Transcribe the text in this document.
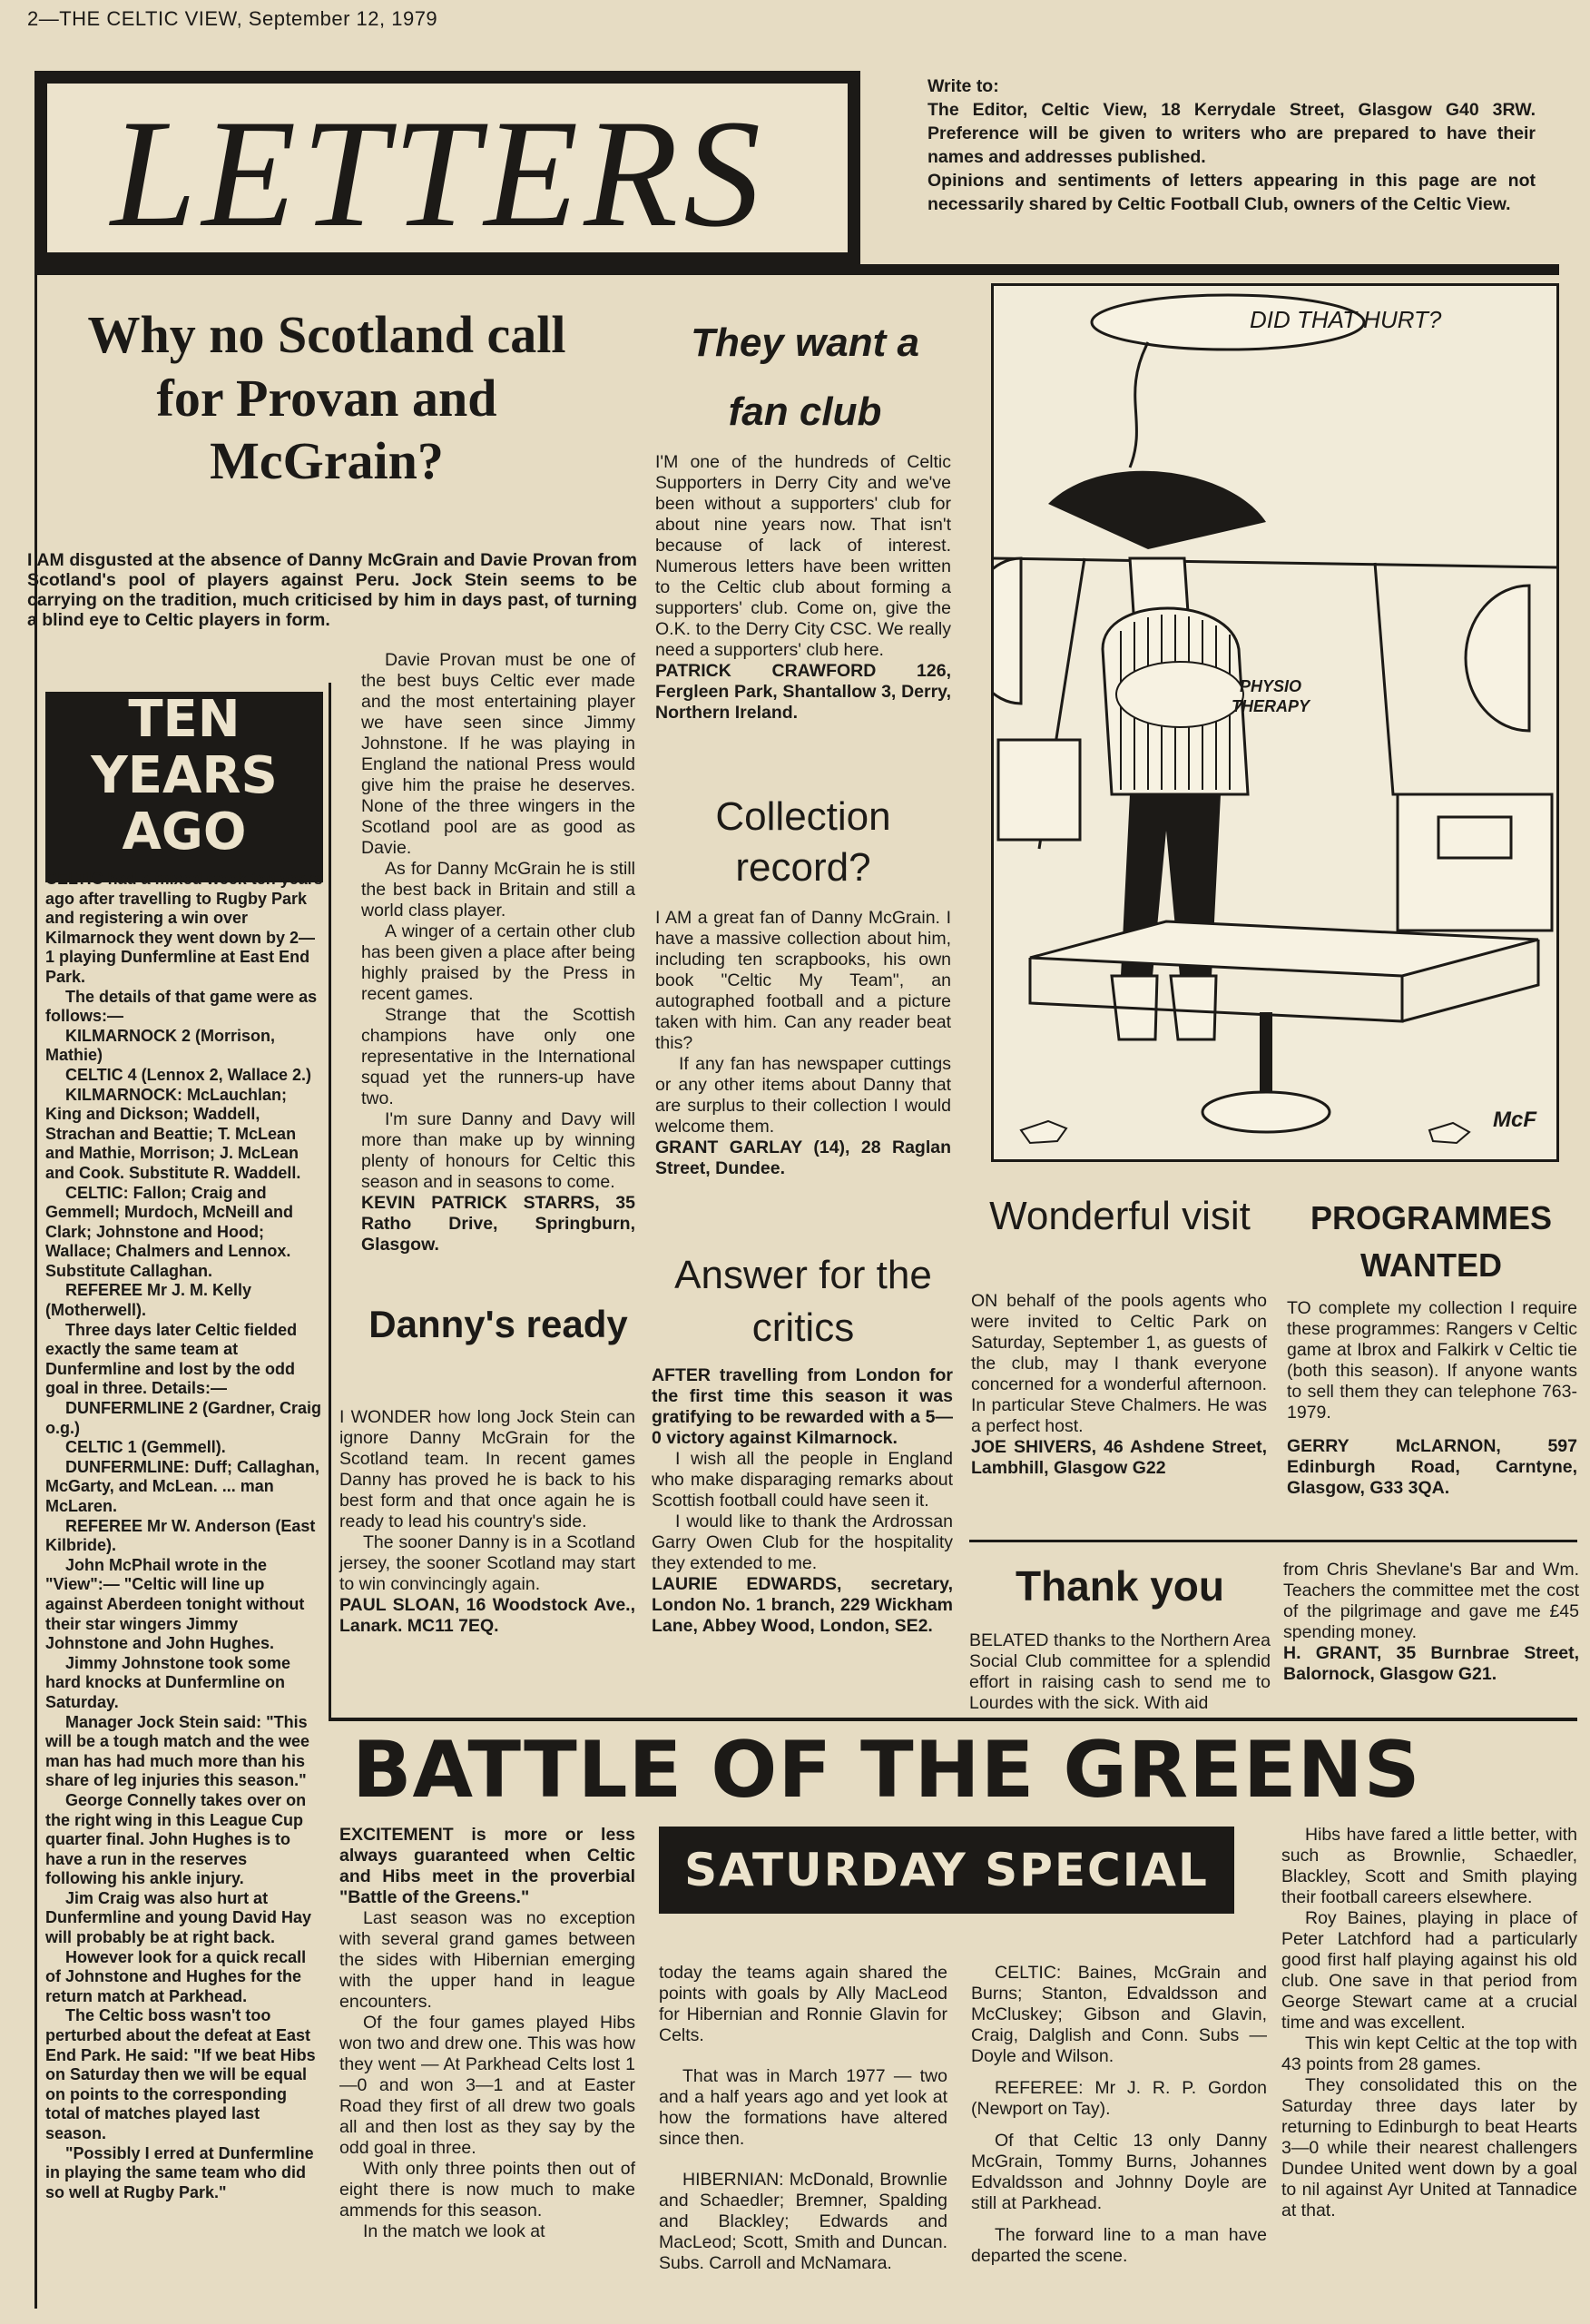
2—THE CELTIC VIEW, September 12, 1979
LETTERS

Write to:

The Editor, Celtic View, 18 Kerrydale Street, Glasgow G40 3RW. Preference will be given to writers who are prepared to have their names and addresses published.

Opinions and sentiments of letters appearing in this page are not necessarily shared by Celtic Football Club, owners of the Celtic View.

Why no Scotland call for Provan and McGrain?
I AM disgusted at the absence of Danny McGrain and Davie Provan from Scotland's pool of players against Peru. Jock Stein seems to be carrying on the tradition, much criticised by him in days past, of turning a blind eye to Celtic players in form.
TEN
YEARS
AGO

CELTIC had a mixed week ten years ago after travelling to Rugby Park and registering a win over Kilmarnock they went down by 2—1 playing Dunfermline at East End Park.

The details of that game were as follows:—

KILMARNOCK 2 (Morrison, Mathie)

CELTIC 4 (Lennox 2, Wallace 2.)

KILMARNOCK: McLauchlan; King and Dickson; Waddell, Strachan and Beattie; T. McLean and Mathie, Morrison; J. McLean and Cook. Substitute R. Waddell.

CELTIC: Fallon; Craig and Gemmell; Murdoch, McNeill and Clark; Johnstone and Hood; Wallace; Chalmers and Lennox. Substitute Callaghan.

REFEREE Mr J. M. Kelly (Motherwell).

Three days later Celtic fielded exactly the same team at Dunfermline and lost by the odd goal in three. Details:—

DUNFERMLINE 2 (Gardner, Craig o.g.)

CELTIC 1 (Gemmell).

DUNFERMLINE: Duff; Callaghan, McGarty, and McLean. ... man McLaren.

REFEREE Mr W. Anderson (East Kilbride).

John McPhail wrote in the "View":— "Celtic will line up against Aberdeen tonight without their star wingers Jimmy Johnstone and John Hughes.

Jimmy Johnstone took some hard knocks at Dunfermline on Saturday.

Manager Jock Stein said: "This will be a tough match and the wee man has had much more than his share of leg injuries this season."

George Connelly takes over on the right wing in this League Cup quarter final. John Hughes is to have a run in the reserves following his ankle injury.

Jim Craig was also hurt at Dunfermline and young David Hay will probably be at right back.

However look for a quick recall of Johnstone and Hughes for the return match at Parkhead.

The Celtic boss wasn't too perturbed about the defeat at East End Park. He said: "If we beat Hibs on Saturday then we will be equal on points to the corresponding total of matches played last season.

"Possibly I erred at Dunfermline in playing the same team who did so well at Rugby Park."

Davie Provan must be one of the best buys Celtic ever made and the most entertaining player we have seen since Jimmy Johnstone. If he was playing in England the national Press would give him the praise he deserves. None of the three wingers in the Scotland pool are as good as Davie.

As for Danny McGrain he is still the best back in Britain and still a world class player.

A winger of a certain other club has been given a place after being highly praised by the Press in recent games.

Strange that the Scottish champions have only one representative in the International squad yet the runners-up have two.

I'm sure Danny and Davy will more than make up by winning plenty of honours for Celtic this season and in seasons to come.

KEVIN PATRICK STARRS, 35 Ratho Drive, Springburn, Glasgow.

Danny's ready

I WONDER how long Jock Stein can ignore Danny McGrain for the Scotland team. In recent games Danny has proved he is back to his best form and that once again he is ready to lead his country's side.

The sooner Danny is in a Scotland jersey, the sooner Scotland may start to win convincingly again.

PAUL SLOAN, 16 Woodstock Ave., Lanark. MC11 7EQ.

They want a fan club

I'M one of the hundreds of Celtic Supporters in Derry City and we've been without a supporters' club for about nine years now. That isn't because of lack of interest. Numerous letters have been written to the Celtic club about forming a supporters' club. Come on, give the O.K. to the Derry City CSC. We really need a supporters' club here.

PATRICK CRAWFORD 126, Fergleen Park, Shantallow 3, Derry, Northern Ireland.

Collection record?

I AM a great fan of Danny McGrain. I have a massive collection about him, including ten scrapbooks, his own book "Celtic My Team", an autographed football and a picture taken with him. Can any reader beat this?

If any fan has newspaper cuttings or any other items about Danny that are surplus to their collection I would welcome them.

GRANT GARLAY (14), 28 Raglan Street, Dundee.

Answer for the critics

AFTER travelling from London for the first time this season it was gratifying to be rewarded with a 5—0 victory against Kilmarnock.

I wish all the people in England who make disparaging remarks about Scottish football could have seen it.

I would like to thank the Ardrossan Garry Owen Club for the hospitality they extended to me.

LAURIE EDWARDS, secretary, London No. 1 branch, 229 Wickham Lane, Abbey Wood, London, SE2.

DID THAT HURT?
PHYSIO THERAPY
McF
Wonderful visit

ON behalf of the pools agents who were invited to Celtic Park on Saturday, September 1, as guests of the club, may I thank everyone concerned for a wonderful afternoon. In particular Steve Chalmers. He was a perfect host.

JOE SHIVERS, 46 Ashdene Street, Lambhill, Glasgow G22

PROGRAMMES WANTED

TO complete my collection I require these programmes: Rangers v Celtic game at Ibrox and Falkirk v Celtic tie (both this season). If anyone wants to sell them they can telephone 763-1979.

GERRY McLARNON, 597 Edinburgh Road, Carntyne, Glasgow, G33 3QA.

Thank you

BELATED thanks to the Northern Area Social Club committee for a splendid effort in raising cash to send me to Lourdes with the sick. With aid

from Chris Shevlane's Bar and Wm. Teachers the committee met the cost of the pilgrimage and gave me £45 spending money.

H. GRANT, 35 Burnbrae Street, Balornock, Glasgow G21.

BATTLE OF THE GREENS
SATURDAY SPECIAL

EXCITEMENT is more or less always guaranteed when Celtic and Hibs meet in the proverbial "Battle of the Greens."

Last season was no exception with several grand games between the sides with Hibernian emerging with the upper hand in league encounters.

Of the four games played Hibs won two and drew one. This was how they went — At Parkhead Celts lost 1—0 and won 3—1 and at Easter Road they first of all drew two goals all and then lost as they say by the odd goal in three.

With only three points then out of eight there is now much to make ammends for this season.

In the match we look at

today the teams again shared the points with goals by Ally MacLeod for Hibernian and Ronnie Glavin for Celts.

That was in March 1977 — two and a half years ago and yet look at how the formations have altered since then.

HIBERNIAN: McDonald, Brownlie and Schaedler; Bremner, Spalding and Blackley; Edwards and MacLeod; Scott, Smith and Duncan. Subs. Carroll and McNamara.

CELTIC: Baines, McGrain and Burns; Stanton, Edvaldsson and McCluskey; Gibson and Glavin, Craig, Dalglish and Conn. Subs — Doyle and Wilson.

REFEREE: Mr J. R. P. Gordon (Newport on Tay).

Of that Celtic 13 only Danny McGrain, Tommy Burns, Johannes Edvaldsson and Johnny Doyle are still at Parkhead.

The forward line to a man have departed the scene.

Hibs have fared a little better, with such as Brownlie, Schaedler, Blackley, Scott and Smith playing their football careers elsewhere.

Roy Baines, playing in place of Peter Latchford had a particularly good first half playing against his old club. One save in that period from George Stewart came at a crucial time and was excellent.

This win kept Celtic at the top with 43 points from 28 games.

They consolidated this on the Saturday three days later by returning to Edinburgh to beat Hearts 3—0 while their nearest challengers Dundee United went down by a goal to nil against Ayr United at Tannadice at that.
